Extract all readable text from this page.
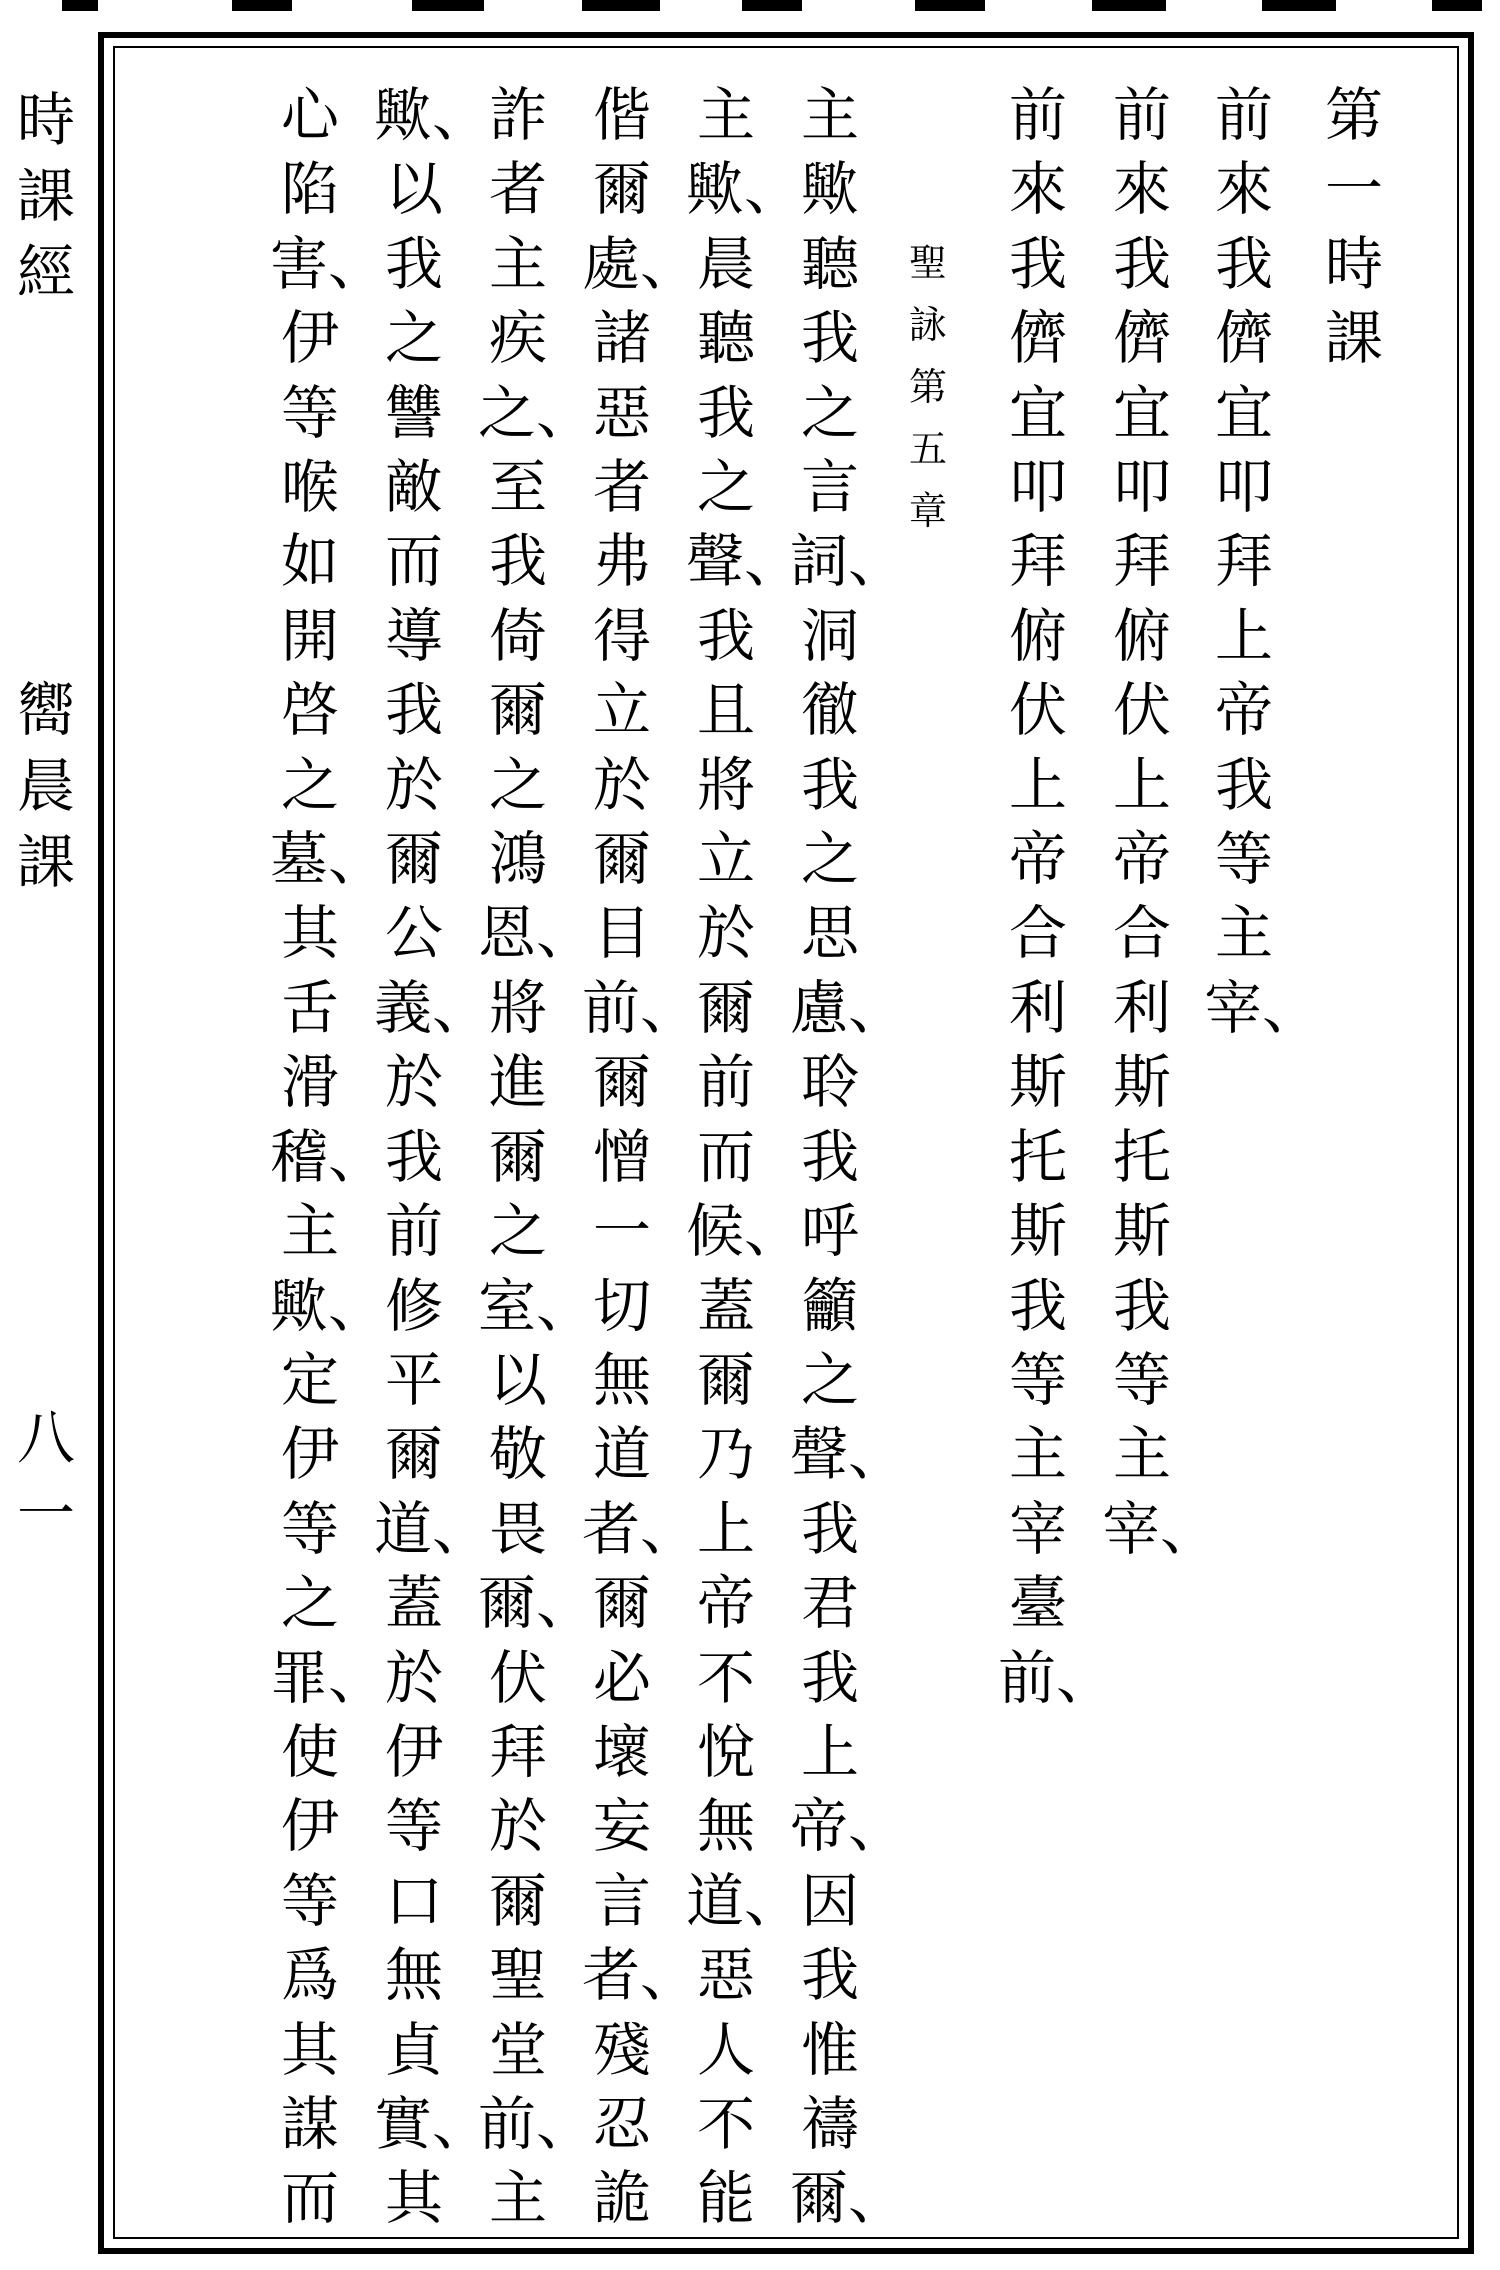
時
課
經
嚮
晨
課
八
一
第
一
時
課
前
來
我
儕
宜
叩
拜
上
帝
我
等
主
宰、
前
來
我
儕
宜
叩
拜
俯
伏
上
帝
合
利
斯
托
斯
我
等
主
宰、
前
來
我
儕
宜
叩
拜
俯
伏
上
帝
合
利
斯
托
斯
我
等
主
宰
臺
前、
聖
詠
第
五
章
主
歟
聽
我
之
言
詞、
洞
徹
我
之
思
慮、
聆
我
呼
籲
之
聲、
我
君
我
上
帝、
因
我
惟
禱
爾、
主
歟、
晨
聽
我
之
聲、
我
且
將
立
於
爾
前
而
候、
蓋
爾
乃
上
帝
不
悅
無
道、
惡
人
不
能
偕
爾
處、
諸
惡
者
弗
得
立
於
爾
目
前、
爾
憎
一
切
無
道
者、
爾
必
壞
妄
言
者、
殘
忍
詭
詐
者
主
疾
之、
至
我
倚
爾
之
鴻
恩、
將
進
爾
之
室、
以
敬
畏
爾、
伏
拜
於
爾
聖
堂
前、
主
歟、
以
我
之
讐
敵
而
導
我
於
爾
公
義、
於
我
前
修
平
爾
道、
蓋
於
伊
等
口
無
貞
實、
其
心
陷
害、
伊
等
喉
如
開
啓
之
墓、
其
舌
滑
稽、
主
歟、
定
伊
等
之
罪、
使
伊
等
爲
其
謀
而
